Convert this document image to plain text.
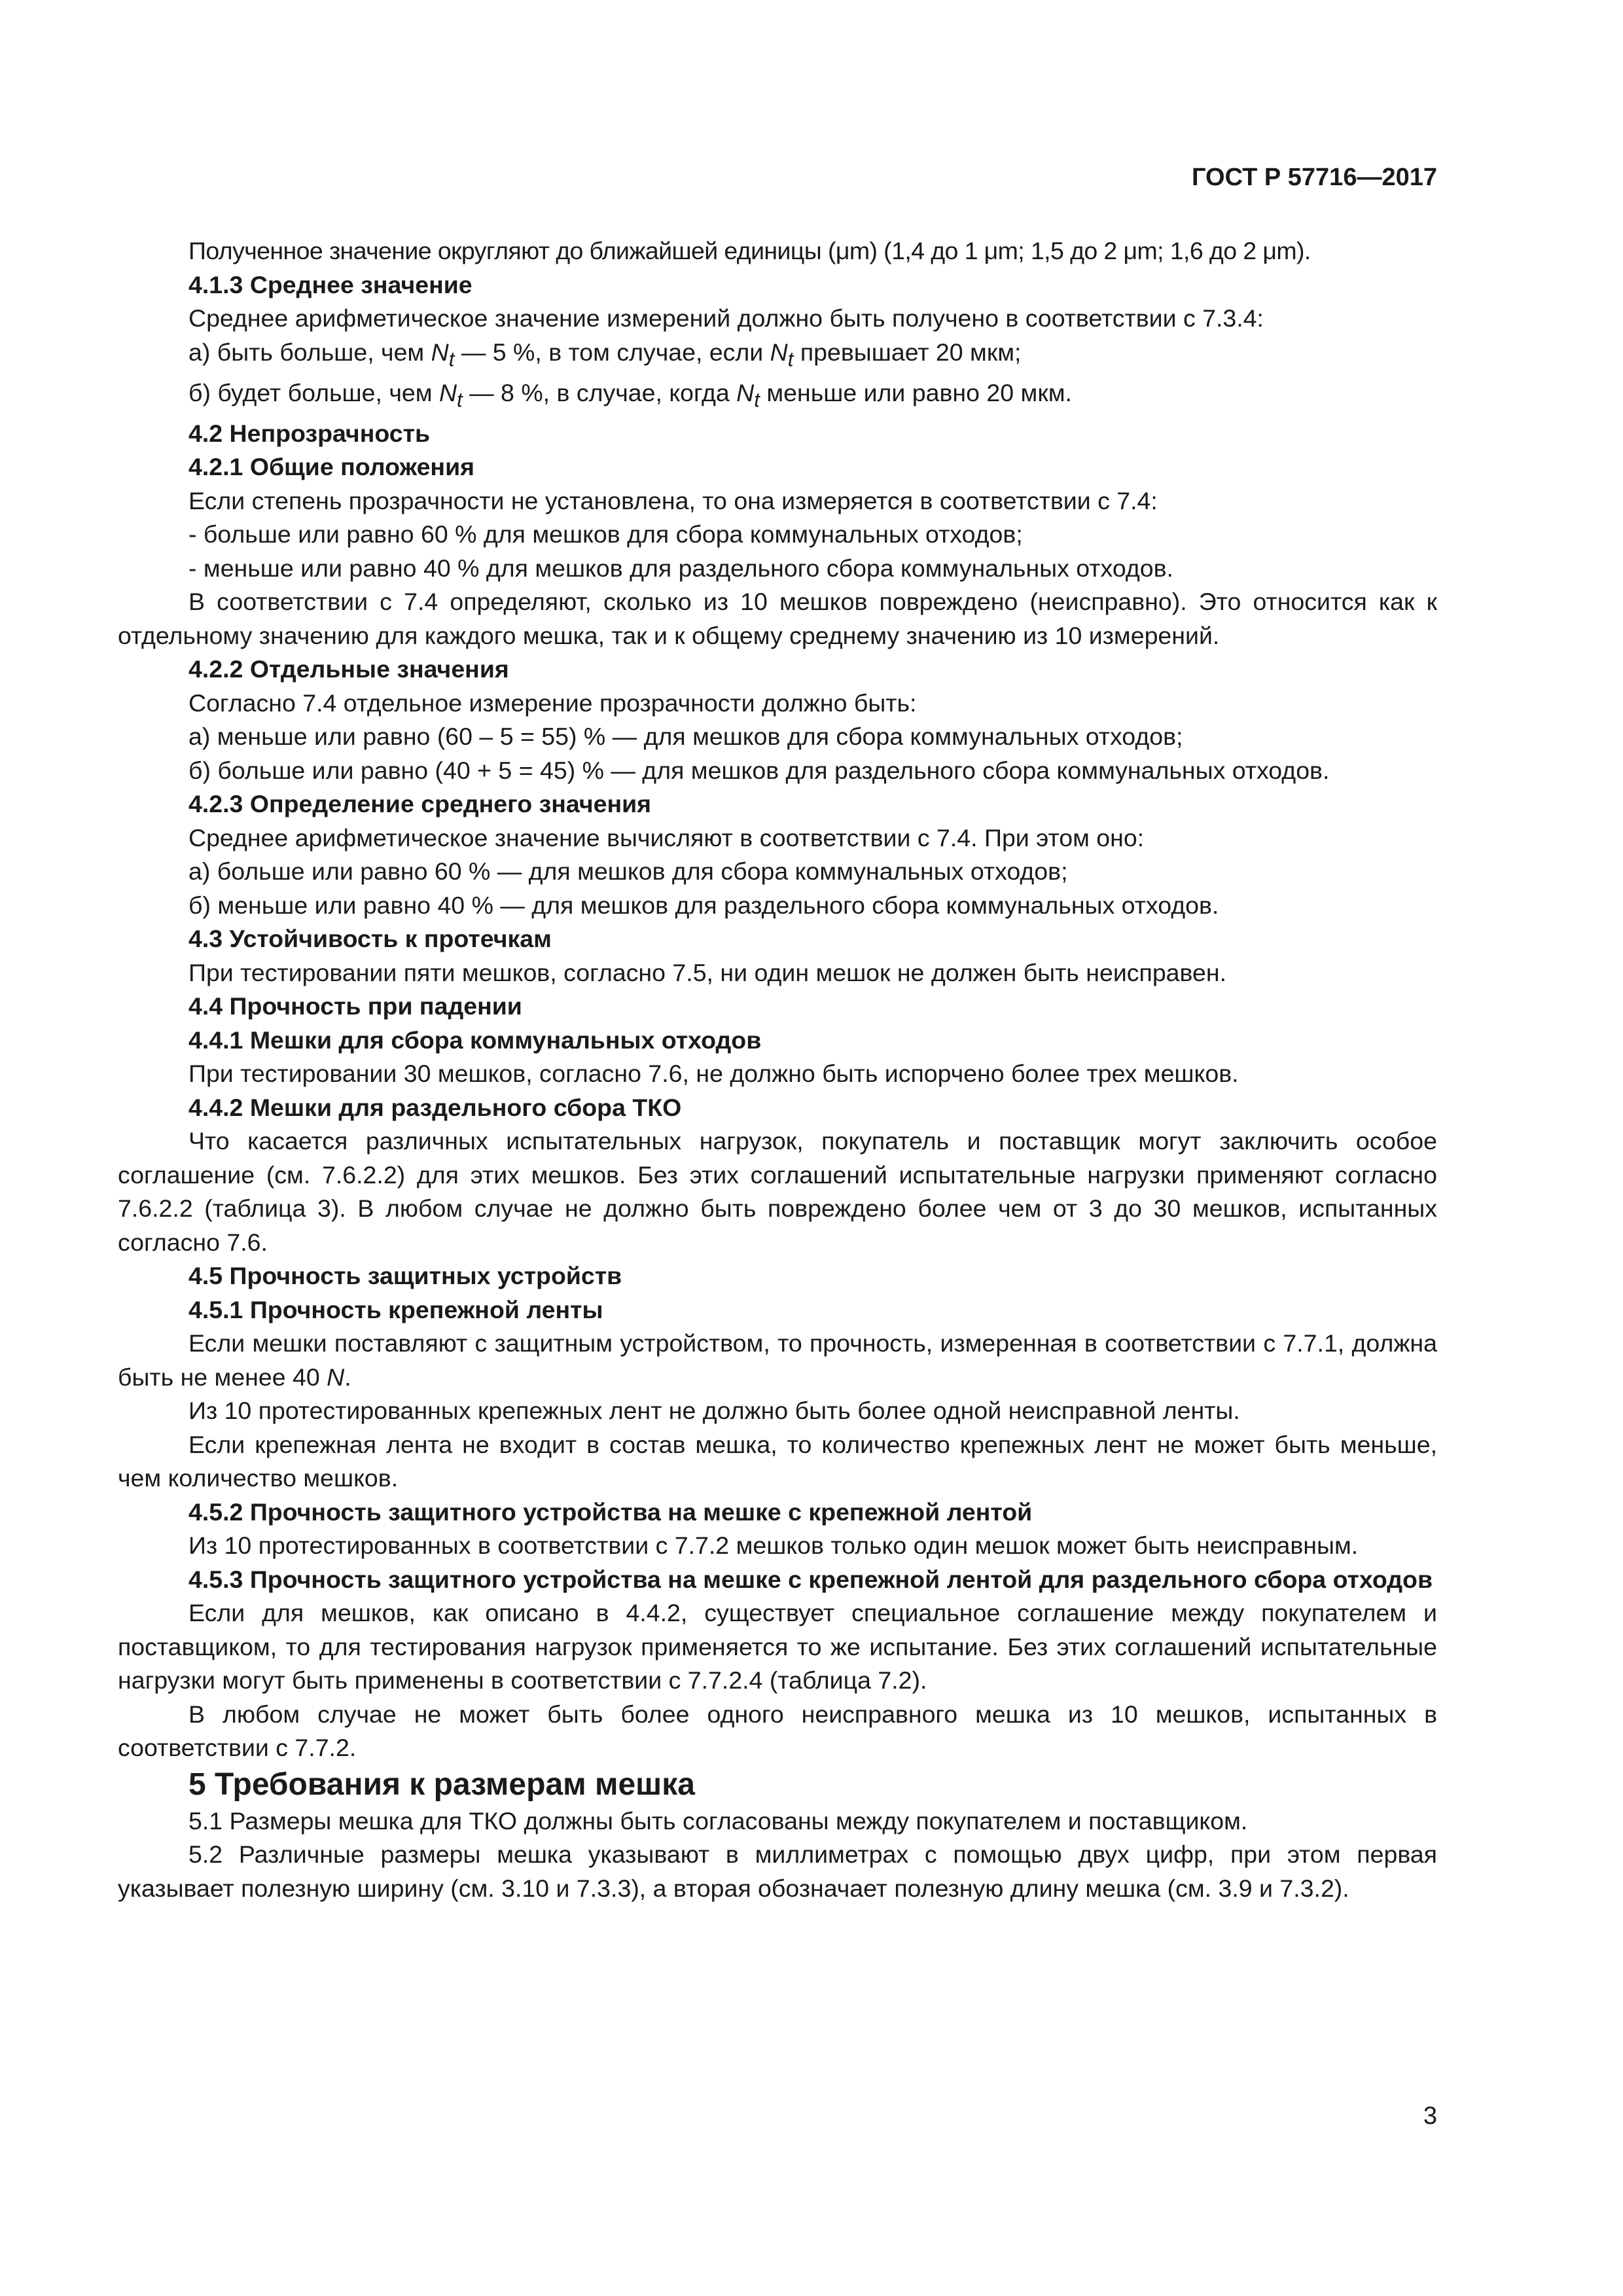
ГОСТ Р 57716—2017

Полученное значение округляют до ближайшей единицы (μm) (1,4 до 1 μm; 1,5 до 2 μm; 1,6 до 2 μm).

4.1.3 Среднее значение

Среднее арифметическое значение измерений должно быть получено в соответствии с 7.3.4:

а) быть больше, чем $N_t$ — 5 %, в том случае, если $N_t$ превышает 20 мкм;

б) будет больше, чем $N_t$ — 8 %, в случае, когда $N_t$ меньше или равно 20 мкм.

4.2 Непрозрачность

4.2.1 Общие положения

Если степень прозрачности не установлена, то она измеряется в соответствии с 7.4:

- больше или равно 60 % для мешков для сбора коммунальных отходов;

- меньше или равно 40 % для мешков для раздельного сбора коммунальных отходов.

В соответствии с 7.4 определяют, сколько из 10 мешков повреждено (неисправно). Это относится как к отдельному значению для каждого мешка, так и к общему среднему значению из 10 измерений.

4.2.2 Отдельные значения

Согласно 7.4 отдельное измерение прозрачности должно быть:

а) меньше или равно (60 – 5 = 55) % — для мешков для сбора коммунальных отходов;

б) больше или равно (40 + 5 = 45) % — для мешков для раздельного сбора коммунальных отходов.

4.2.3 Определение среднего значения

Среднее арифметическое значение вычисляют в соответствии с 7.4. При этом оно:

а) больше или равно 60 % — для мешков для сбора коммунальных отходов;

б) меньше или равно 40 % — для мешков для раздельного сбора коммунальных отходов.

4.3 Устойчивость к протечкам

При тестировании пяти мешков, согласно 7.5, ни один мешок не должен быть неисправен.

4.4 Прочность при падении

4.4.1 Мешки для сбора коммунальных отходов

При тестировании 30 мешков, согласно 7.6, не должно быть испорчено более трех мешков.

4.4.2 Мешки для раздельного сбора ТКО

Что касается различных испытательных нагрузок, покупатель и поставщик могут заключить особое соглашение (см. 7.6.2.2) для этих мешков. Без этих соглашений испытательные нагрузки применяют согласно 7.6.2.2 (таблица 3). В любом случае не должно быть повреждено более чем от 3 до 30 мешков, испытанных согласно 7.6.

4.5 Прочность защитных устройств

4.5.1 Прочность крепежной ленты

Если мешки поставляют с защитным устройством, то прочность, измеренная в соответствии с 7.7.1, должна быть не менее 40 N.

Из 10 протестированных крепежных лент не должно быть более одной неисправной ленты.

Если крепежная лента не входит в состав мешка, то количество крепежных лент не может быть меньше, чем количество мешков.

4.5.2 Прочность защитного устройства на мешке с крепежной лентой

Из 10 протестированных в соответствии с 7.7.2 мешков только один мешок может быть неисправным.

4.5.3 Прочность защитного устройства на мешке с крепежной лентой для раздельного сбора отходов

Если для мешков, как описано в 4.4.2, существует специальное соглашение между покупателем и поставщиком, то для тестирования нагрузок применяется то же испытание. Без этих соглашений испытательные нагрузки могут быть применены в соответствии с 7.7.2.4 (таблица 7.2).

В любом случае не может быть более одного неисправного мешка из 10 мешков, испытанных в соответствии с 7.7.2.

5 Требования к размерам мешка

5.1 Размеры мешка для ТКО должны быть согласованы между покупателем и поставщиком.

5.2 Различные размеры мешка указывают в миллиметрах с помощью двух цифр, при этом первая указывает полезную ширину (см. 3.10 и 7.3.3), а вторая обозначает полезную длину мешка (см. 3.9 и 7.3.2).

3
